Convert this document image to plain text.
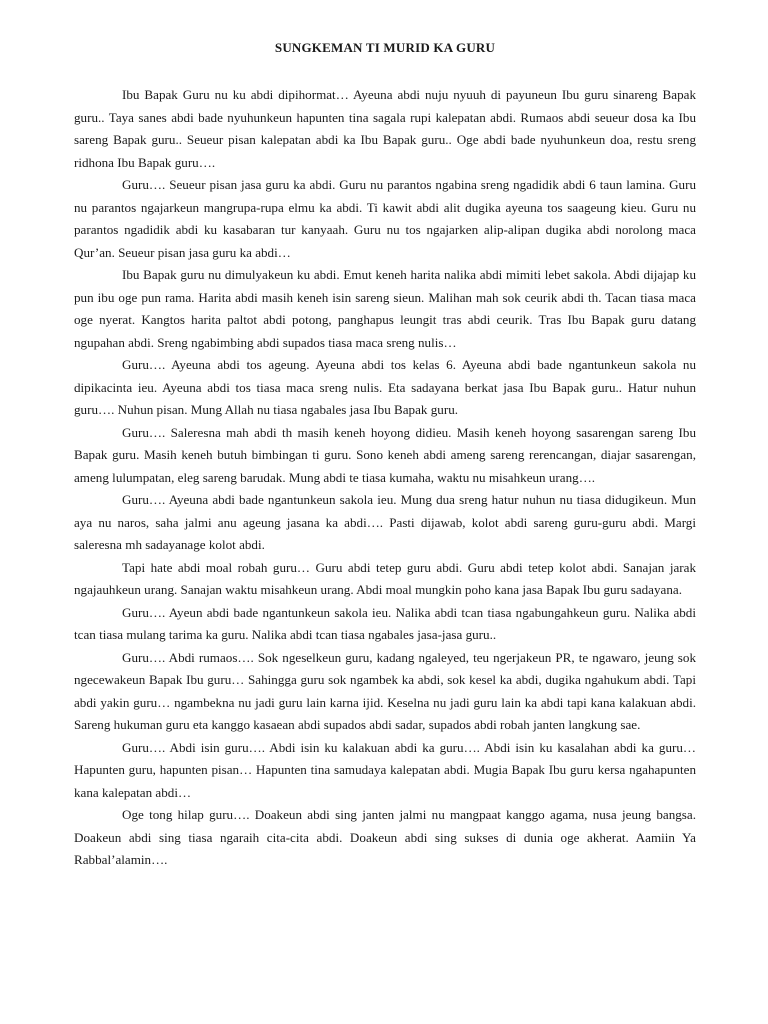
SUNGKEMAN TI MURID KA GURU

Ibu Bapak Guru nu ku abdi dipihormat… Ayeuna abdi nuju nyuuh di payuneun Ibu guru sinareng Bapak guru.. Taya sanes abdi bade nyuhunkeun hapunten tina sagala rupi kalepatan abdi. Rumaos abdi seueur dosa ka Ibu sareng Bapak guru.. Seueur pisan kalepatan abdi ka Ibu Bapak guru.. Oge abdi bade nyuhunkeun doa, restu sreng ridhona Ibu Bapak guru….

Guru…. Seueur pisan jasa guru ka abdi. Guru nu parantos ngabina sreng ngadidik abdi 6 taun lamina. Guru nu parantos ngajarkeun mangrupa-rupa elmu ka abdi. Ti kawit abdi alit dugika ayeuna tos saageung kieu. Guru nu parantos ngadidik abdi ku kasabaran tur kanyaah. Guru nu tos ngajarken alip-alipan dugika abdi norolong maca Qur’an. Seueur pisan jasa guru ka abdi…

Ibu Bapak guru nu dimulyakeun ku abdi. Emut keneh harita nalika abdi mimiti lebet sakola. Abdi dijajap ku pun ibu oge pun rama. Harita abdi masih keneh isin sareng sieun. Malihan mah sok ceurik abdi th. Tacan tiasa maca oge nyerat. Kangtos harita paltot abdi potong, panghapus leungit tras abdi ceurik. Tras Ibu Bapak guru datang ngupahan abdi. Sreng ngabimbing abdi supados tiasa maca sreng nulis…

Guru…. Ayeuna abdi tos ageung. Ayeuna abdi tos kelas 6. Ayeuna abdi bade ngantunkeun sakola nu dipikacinta ieu. Ayeuna abdi tos tiasa maca sreng nulis. Eta sadayana berkat jasa Ibu Bapak guru.. Hatur nuhun guru…. Nuhun pisan. Mung Allah nu tiasa ngabales jasa Ibu Bapak guru.

Guru…. Saleresna mah abdi th masih keneh hoyong didieu. Masih keneh hoyong sasarengan sareng Ibu Bapak guru. Masih keneh butuh bimbingan ti guru. Sono keneh abdi ameng sareng rerencangan, diajar sasarengan, ameng lulumpatan, eleg sareng barudak. Mung abdi te tiasa kumaha, waktu nu misahkeun urang….

Guru…. Ayeuna abdi bade ngantunkeun sakola ieu. Mung dua sreng hatur nuhun nu tiasa didugikeun. Mun aya nu naros, saha jalmi anu ageung jasana ka abdi…. Pasti dijawab, kolot abdi sareng guru-guru abdi. Margi saleresna mh sadayanage kolot abdi.

Tapi hate abdi moal robah guru… Guru abdi tetep guru abdi. Guru abdi tetep kolot abdi. Sanajan jarak ngajauhkeun urang. Sanajan waktu misahkeun urang. Abdi moal mungkin poho kana jasa Bapak Ibu guru sadayana.

Guru…. Ayeun abdi bade ngantunkeun sakola ieu. Nalika abdi tcan tiasa ngabungahkeun guru. Nalika abdi tcan tiasa mulang tarima ka guru. Nalika abdi tcan tiasa ngabales jasa-jasa guru..

Guru…. Abdi rumaos…. Sok ngeselkeun guru, kadang ngaleyed, teu ngerjakeun PR, te ngawaro, jeung sok ngecewakeun Bapak Ibu guru… Sahingga guru sok ngambek ka abdi, sok kesel ka abdi, dugika ngahukum abdi. Tapi abdi yakin guru… ngambekna nu jadi guru lain karna ijid. Keselna nu jadi guru lain ka abdi tapi kana kalakuan abdi. Sareng hukuman guru eta kanggo kasaean abdi supados abdi sadar, supados abdi robah janten langkung sae.

Guru…. Abdi isin guru…. Abdi isin ku kalakuan abdi ka guru…. Abdi isin ku kasalahan abdi ka guru… Hapunten guru, hapunten pisan… Hapunten tina samudaya kalepatan abdi. Mugia Bapak Ibu guru kersa ngahapunten kana kalepatan abdi…

Oge tong hilap guru…. Doakeun abdi sing janten jalmi nu mangpaat kanggo agama, nusa jeung bangsa. Doakeun abdi sing tiasa ngaraih cita-cita abdi. Doakeun abdi sing sukses di dunia oge akherat. Aamiin Ya Rabbal’alamin….
